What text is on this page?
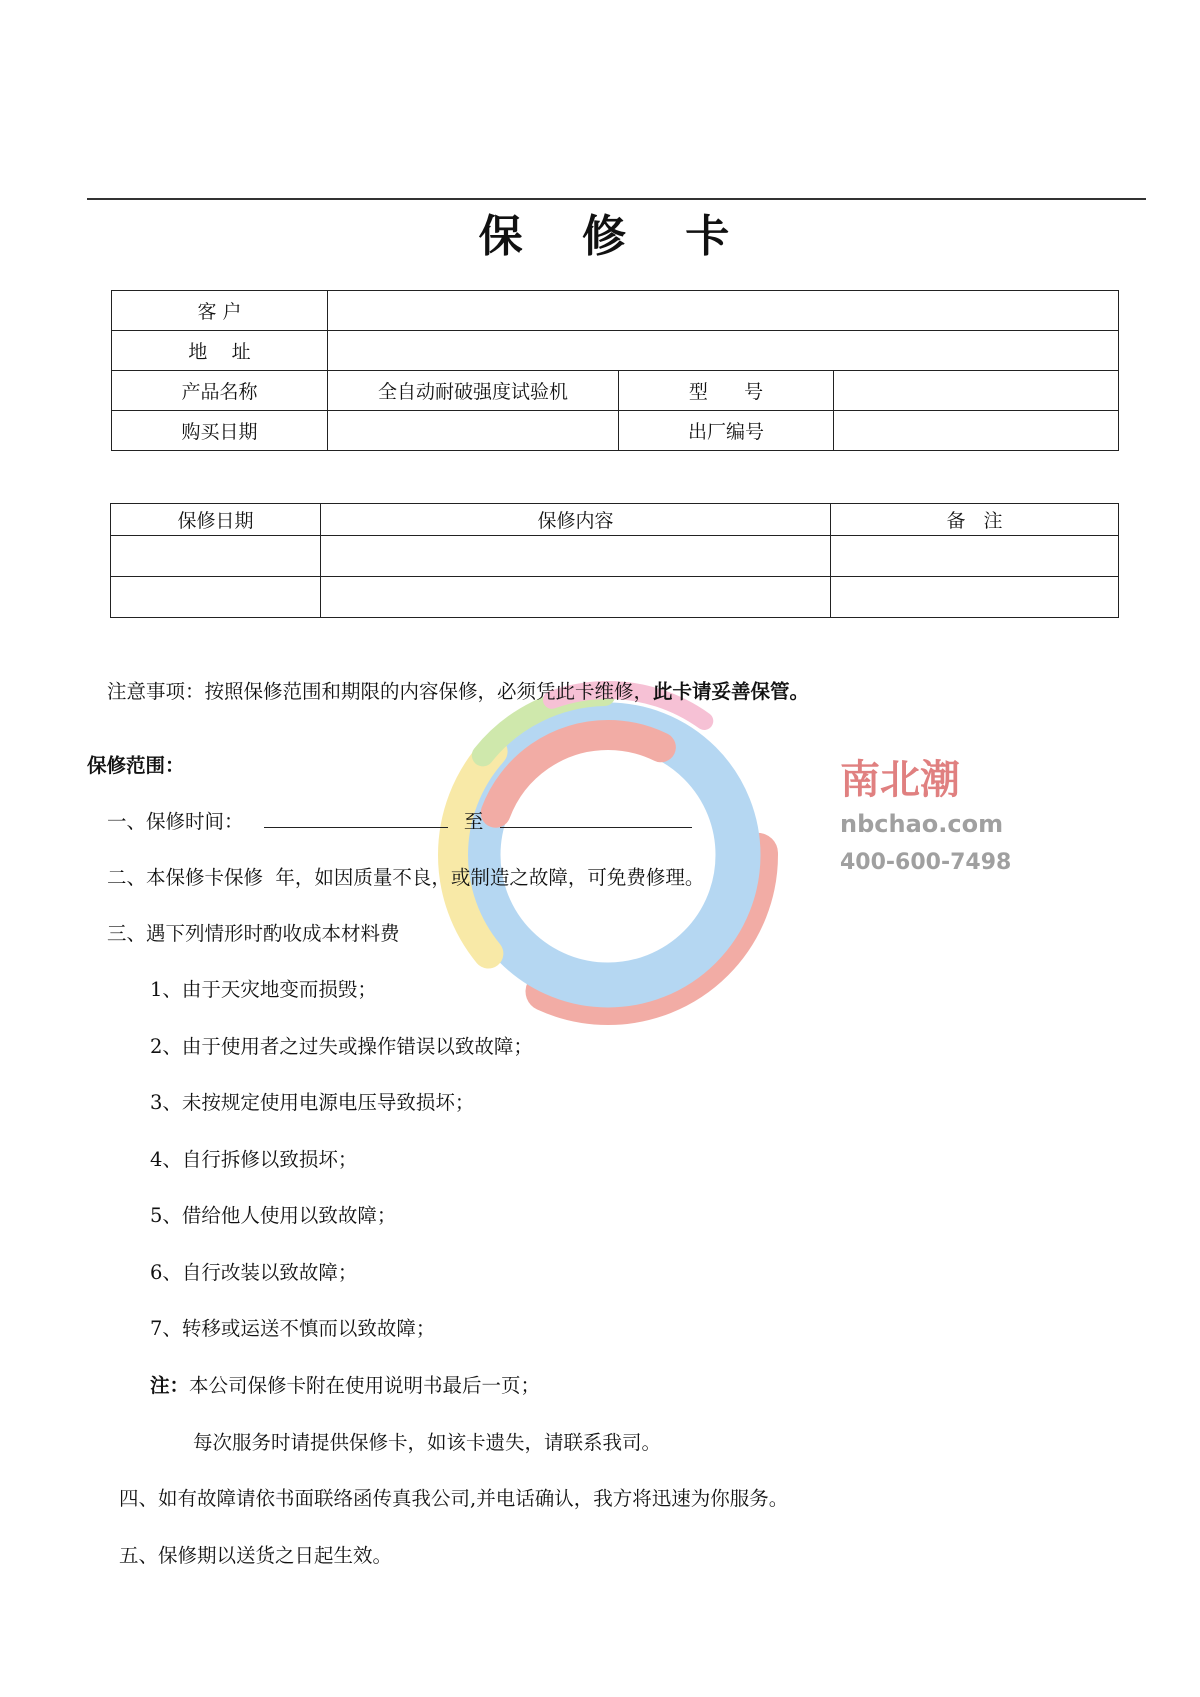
保 修 卡
客 户			
地    址			
产品名称	全自动耐破强度试验机	型      号	
购买日期		出厂编号	
保修日期	保修内容	备   注

南北潮
nbchao.com
400-600-7498
注意事项：按照保修范围和期限的内容保修，必须凭此卡维修，此卡请妥善保管。
保修范围：
一、保修时间：	至
二、本保修卡保修  年，如因质量不良，或制造之故障，可免费修理。
三、遇下列情形时酌收成本材料费
1、由于天灾地变而损毁；
2、由于使用者之过失或操作错误以致故障；
3、未按规定使用电源电压导致损坏；
4、自行拆修以致损坏；
5、借给他人使用以致故障；
6、自行改装以致故障；
7、转移或运送不慎而以致故障；
注：本公司保修卡附在使用说明书最后一页；
每次服务时请提供保修卡，如该卡遗失，请联系我司。
四、如有故障请依书面联络函传真我公司,并电话确认，我方将迅速为你服务。
五、保修期以送货之日起生效。
